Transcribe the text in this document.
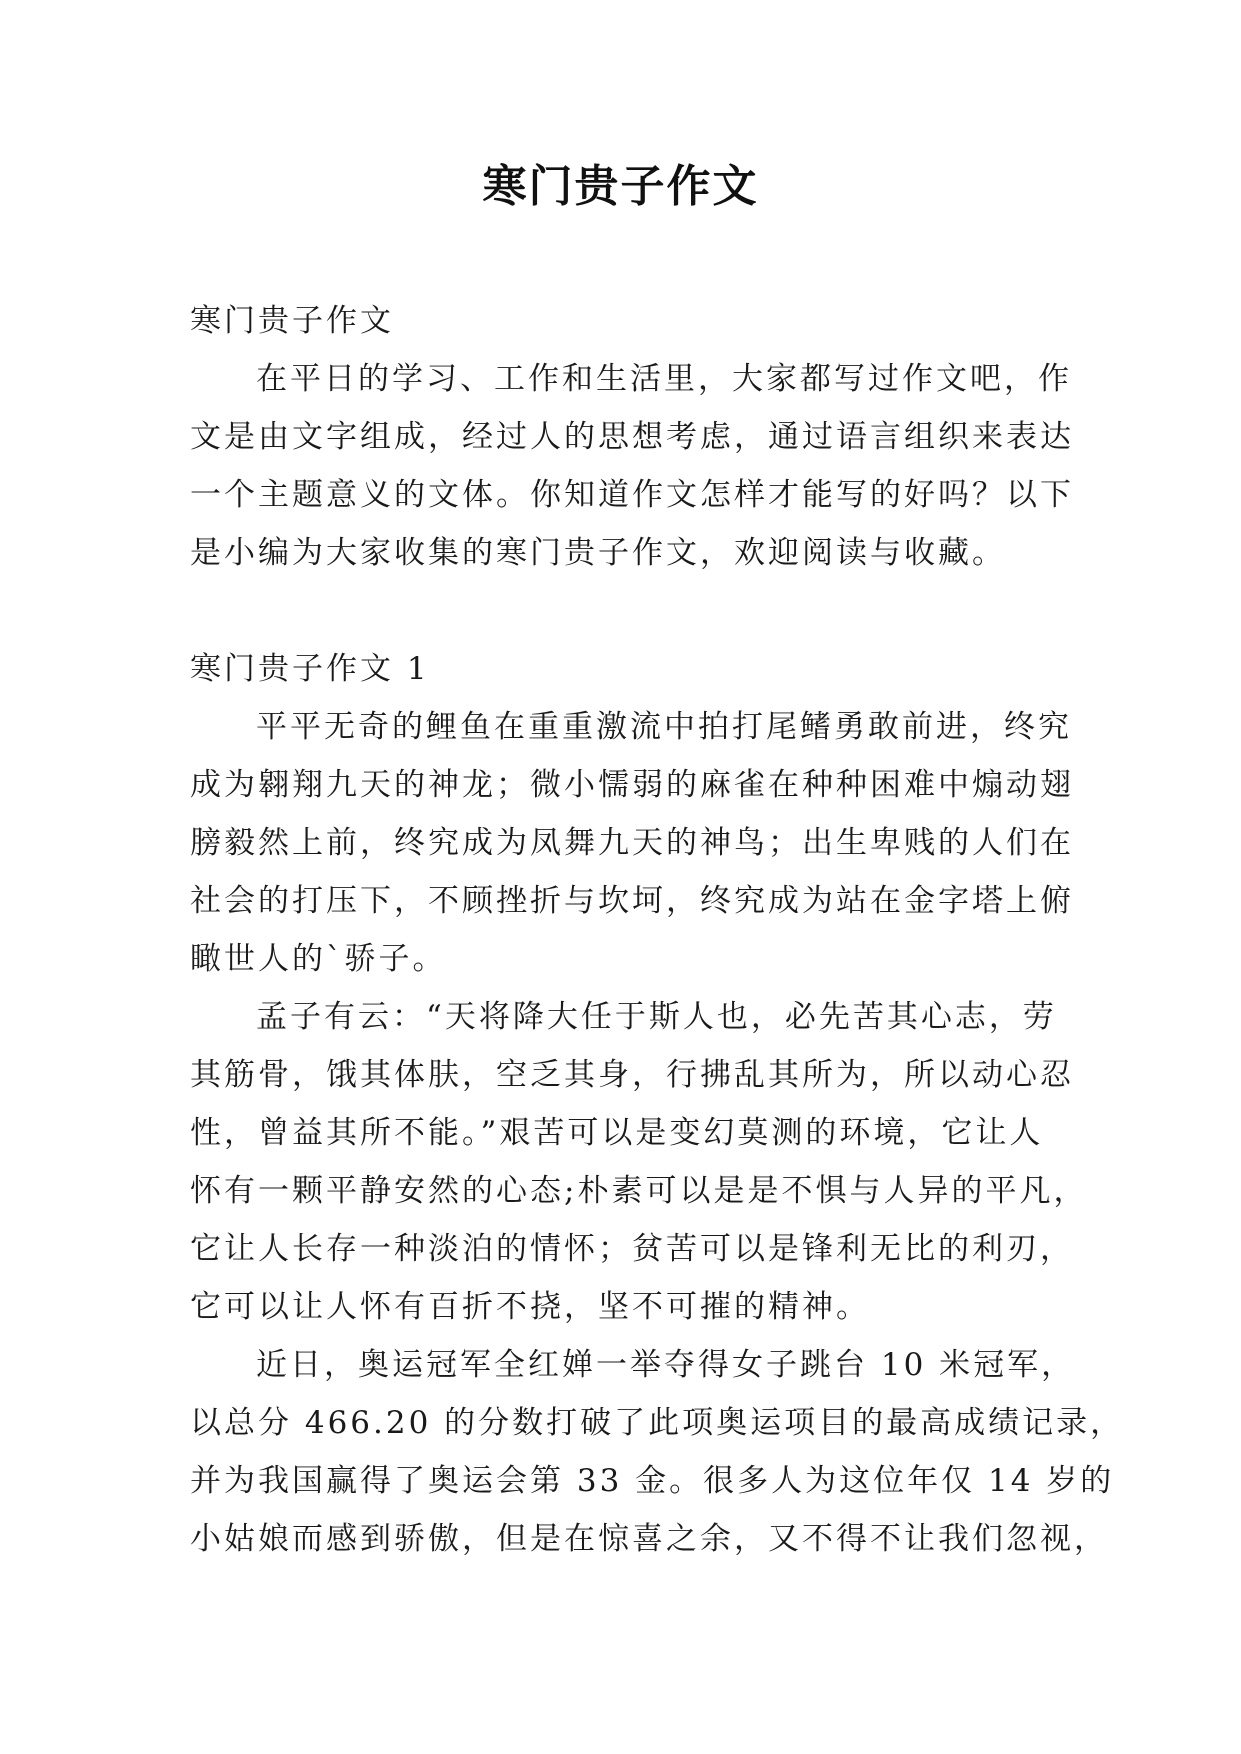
寒门贵子作文
寒门贵子作文
在平日的学习、工作和生活里，大家都写过作文吧，作
文是由文字组成，经过人的思想考虑，通过语言组织来表达
一个主题意义的文体。你知道作文怎样才能写的好吗？以下
是小编为大家收集的寒门贵子作文，欢迎阅读与收藏。
寒门贵子作文 1
平平无奇的鲤鱼在重重激流中拍打尾鳍勇敢前进，终究
成为翱翔九天的神龙；微小懦弱的麻雀在种种困难中煽动翅
膀毅然上前，终究成为凤舞九天的神鸟；出生卑贱的人们在
社会的打压下，不顾挫折与坎坷，终究成为站在金字塔上俯
瞰世人的`骄子。
孟子有云：“天将降大任于斯人也，必先苦其心志，劳
其筋骨，饿其体肤，空乏其身，行拂乱其所为，所以动心忍
性，曾益其所不能。”艰苦可以是变幻莫测的环境，它让人
怀有一颗平静安然的心态;朴素可以是是不惧与人异的平凡，
它让人长存一种淡泊的情怀；贫苦可以是锋利无比的利刃，
它可以让人怀有百折不挠，坚不可摧的精神。
近日，奥运冠军全红婵一举夺得女子跳台 10 米冠军，
以总分 466.20 的分数打破了此项奥运项目的最高成绩记录，
并为我国赢得了奥运会第 33 金。很多人为这位年仅 14 岁的
小姑娘而感到骄傲，但是在惊喜之余，又不得不让我们忽视，
